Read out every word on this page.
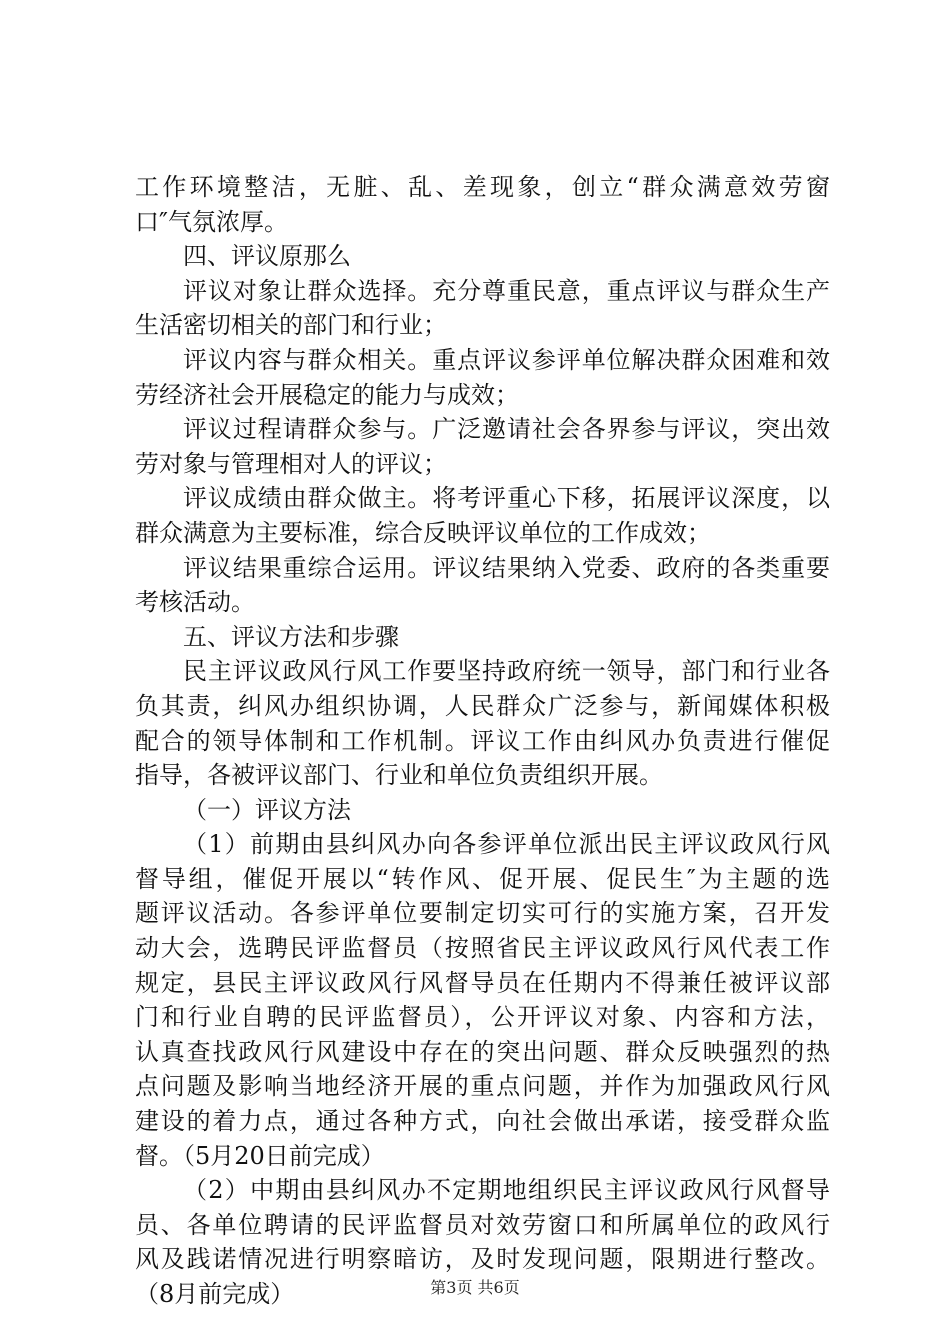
工作环境整洁，无脏、乱、差现象，创立“群众满意效劳窗
口″气氛浓厚。
四、评议原那么
评议对象让群众选择。充分尊重民意，重点评议与群众生产
生活密切相关的部门和行业；
评议内容与群众相关。重点评议参评单位解决群众困难和效
劳经济社会开展稳定的能力与成效；
评议过程请群众参与。广泛邀请社会各界参与评议，突出效
劳对象与管理相对人的评议；
评议成绩由群众做主。将考评重心下移，拓展评议深度，以
群众满意为主要标准，综合反映评议单位的工作成效；
评议结果重综合运用。评议结果纳入党委、政府的各类重要
考核活动。
五、评议方法和步骤
民主评议政风行风工作要坚持政府统一领导，部门和行业各
负其责，纠风办组织协调，人民群众广泛参与，新闻媒体积极
配合的领导体制和工作机制。评议工作由纠风办负责进行催促
指导，各被评议部门、行业和单位负责组织开展。
（一）评议方法
（1）前期由县纠风办向各参评单位派出民主评议政风行风
督导组，催促开展以“转作风、促开展、促民生″为主题的选
题评议活动。各参评单位要制定切实可行的实施方案，召开发
动大会，选聘民评监督员（按照省民主评议政风行风代表工作
规定，县民主评议政风行风督导员在任期内不得兼任被评议部
门和行业自聘的民评监督员），公开评议对象、内容和方法，
认真查找政风行风建设中存在的突出问题、群众反映强烈的热
点问题及影响当地经济开展的重点问题，并作为加强政风行风
建设的着力点，通过各种方式，向社会做出承诺，接受群众监
督。（5月20日前完成）
（2）中期由县纠风办不定期地组织民主评议政风行风督导
员、各单位聘请的民评监督员对效劳窗口和所属单位的政风行
风及践诺情况进行明察暗访，及时发现问题，限期进行整改。
（8月前完成）	第3页 共6页
